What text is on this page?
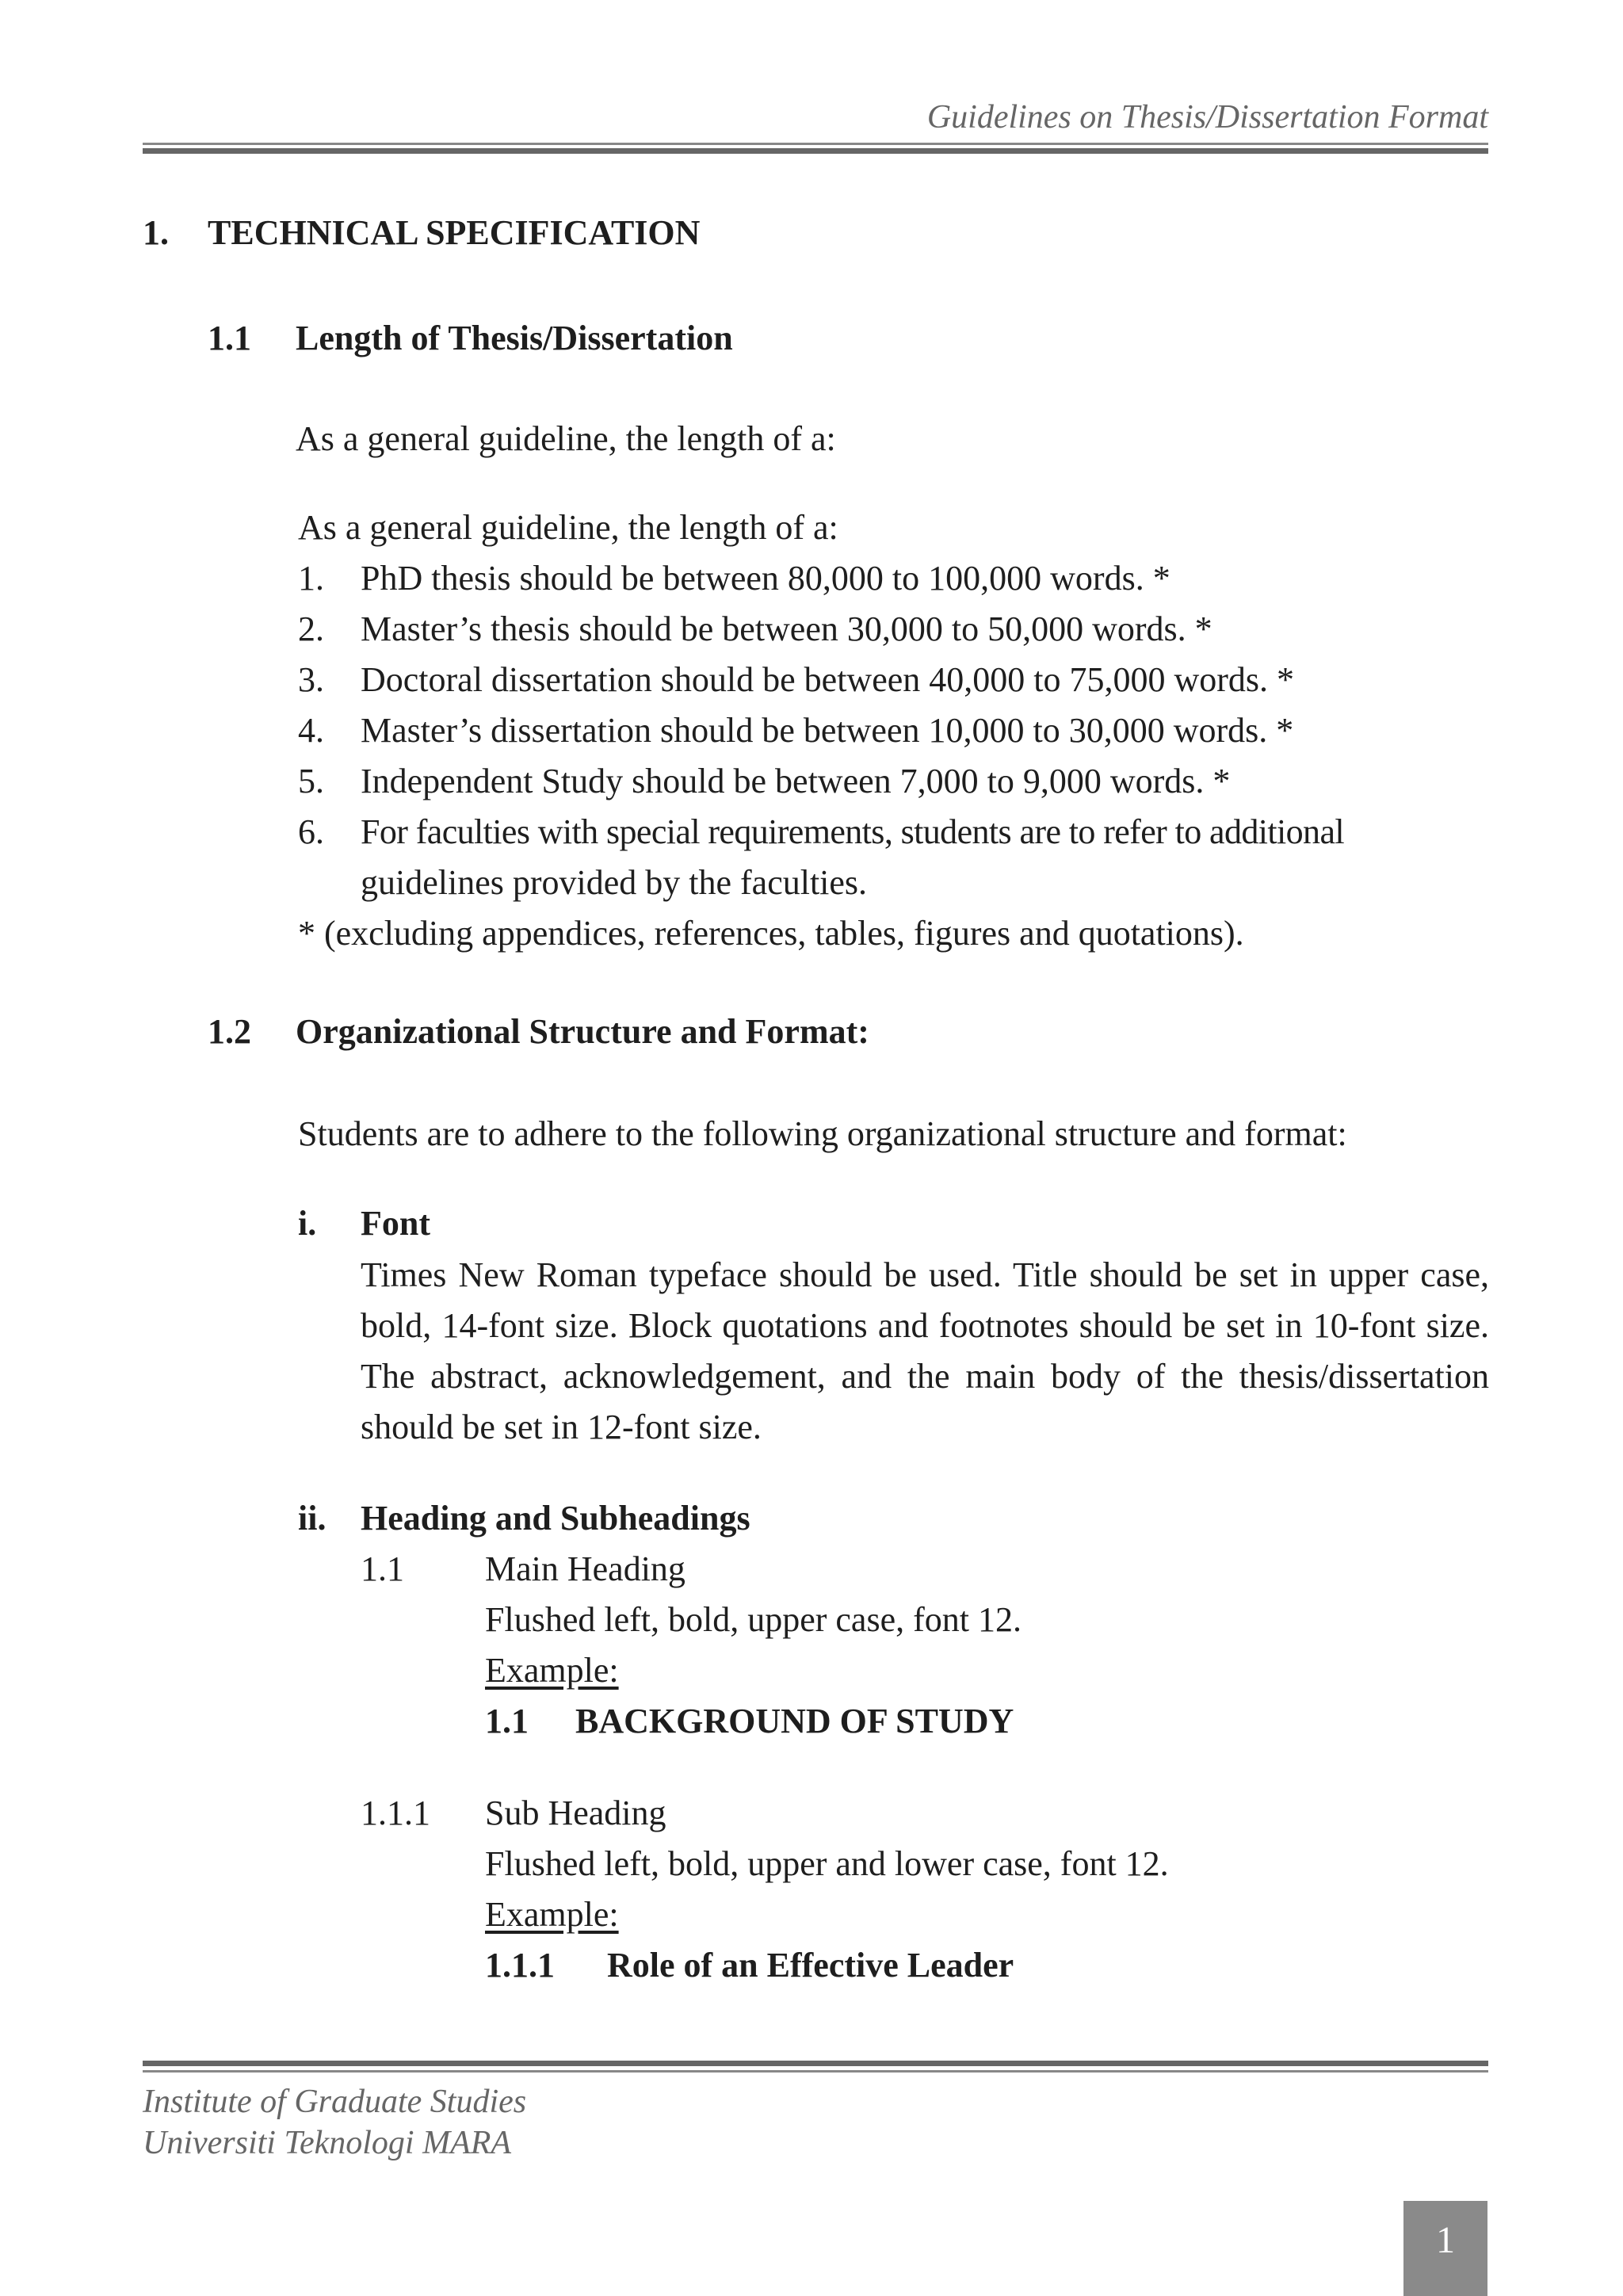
Guidelines on Thesis/Dissertation Format
1. TECHNICAL SPECIFICATION
1.1 Length of Thesis/Dissertation
As a general guideline, the length of a:
As a general guideline, the length of a:
1. PhD thesis should be between 80,000 to 100,000 words. *
2. Master’s thesis should be between 30,000 to 50,000 words. *
3. Doctoral dissertation should be between 40,000 to 75,000 words. *
4. Master’s dissertation should be between 10,000 to 30,000 words. *
5. Independent Study should be between 7,000 to 9,000 words. *
6. For faculties with special requirements, students are to refer to additional
guidelines provided by the faculties.
* (excluding appendices, references, tables, figures and quotations).
1.2 Organizational Structure and Format:
Students are to adhere to the following organizational structure and format:
i. Font
Times New Roman typeface should be used. Title should be set in upper case, bold, 14-font size. Block quotations and footnotes should be set in 10-font size. The abstract, acknowledgement, and the main body of the thesis/dissertation should be set in 12-font size.
ii. Heading and Subheadings
1.1 Main Heading
Flushed left, bold, upper case, font 12.
Example:
1.1 BACKGROUND OF STUDY
1.1.1 Sub Heading
Flushed left, bold, upper and lower case, font 12.
Example:
1.1.1 Role of an Effective Leader
Institute of Graduate Studies
Universiti Teknologi MARA
1
